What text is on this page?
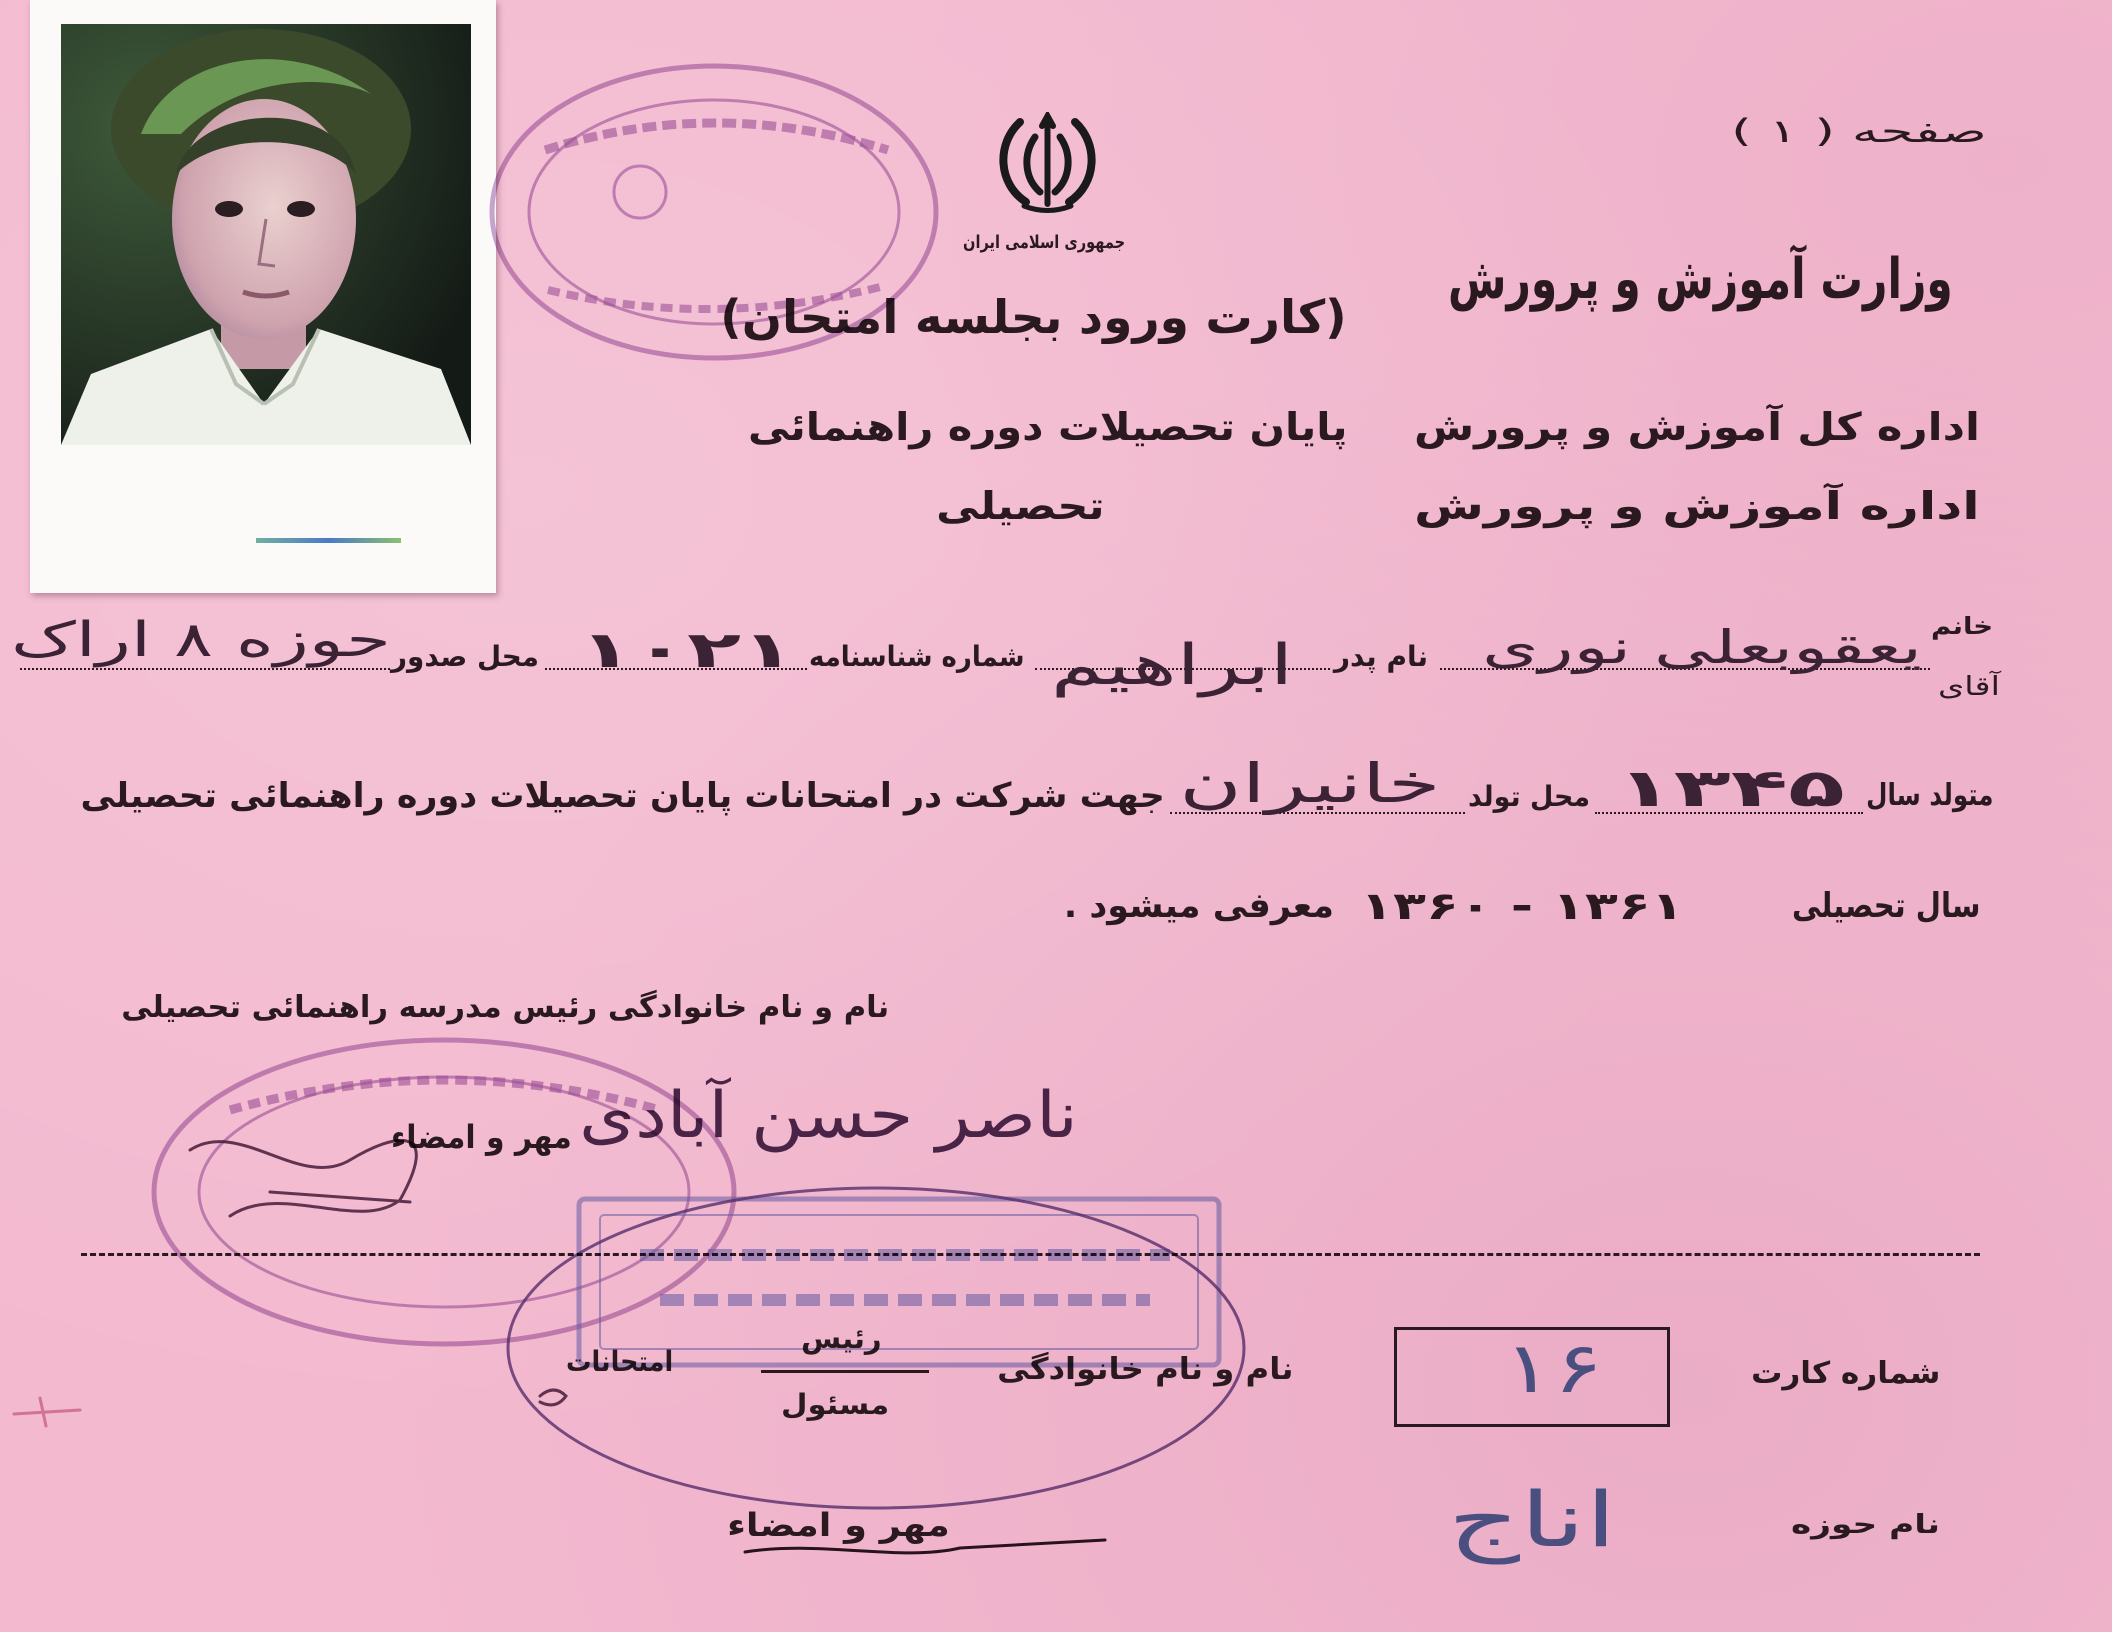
جمهوری اسلامی ایران
صفحه ( ۱ )
وزارت آموزش و پرورش
(کارت ورود بجلسه امتحان)
اداره کل آموزش و پرورش
پایان تحصیلات دوره راهنمائی
اداره آموزش و پرورش
تحصیلی
خانم
آقای
یعقوبعلی نوری
نام پدر
ابراهیم
شماره شناسنامه
۱۰۲۱
محل صدور
حوزه ۸ اراک
متولد سال
۱۳۴۵
محل تولد
خانیران
جهت شرکت در امتحانات پایان تحصیلات دوره راهنمائی تحصیلی
سال تحصیلی
۱۳۶۱ - ۱۳۶۰
معرفی میشود .
نام و نام خانوادگی رئیس مدرسه راهنمائی تحصیلی
ناصر حسن آبادی
مهر و امضاء
شماره کارت
۱۶
نام و نام خانوادگی
رئیس
مسئول
امتحانات
نام حوزه
اناج
مهر و امضاء
